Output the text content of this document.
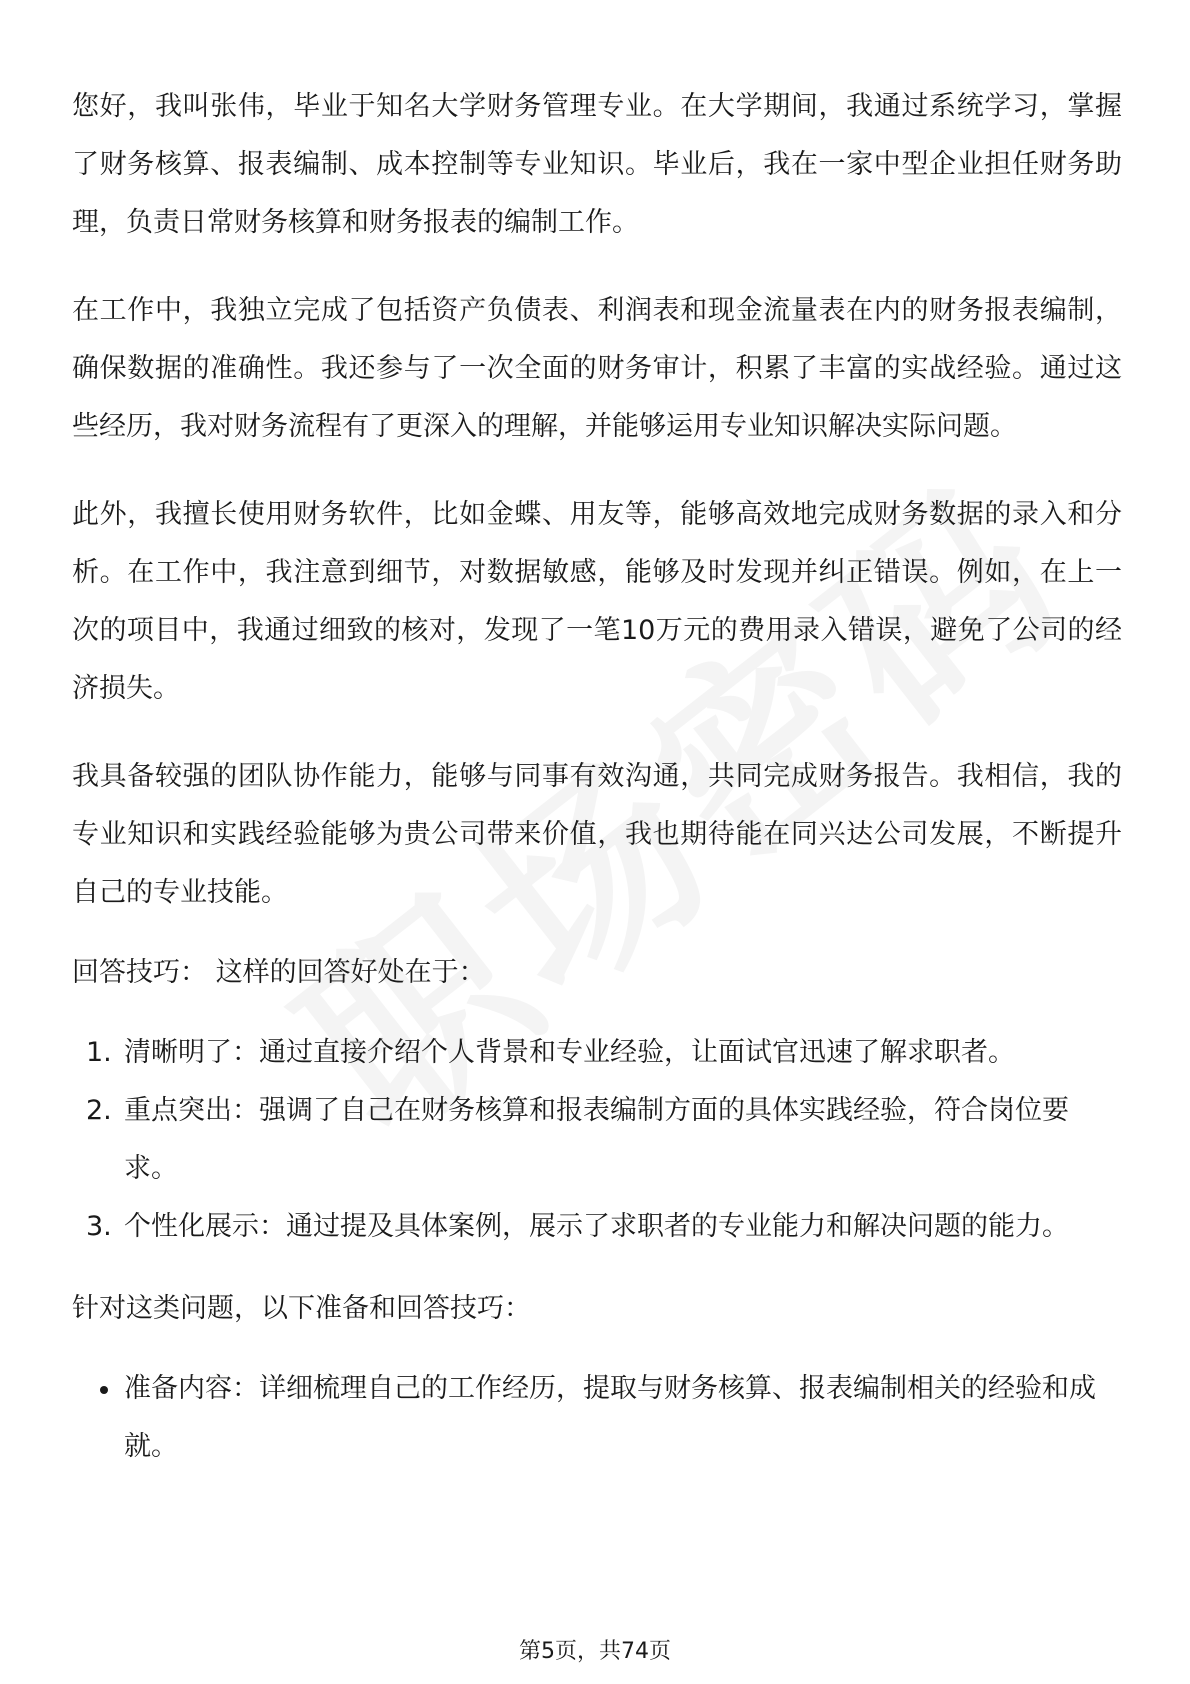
您好，我叫张伟，毕业于知名大学财务管理专业。在大学期间，我通过系统学习，掌握了财务核算、报表编制、成本控制等专业知识。毕业后，我在一家中型企业担任财务助理，负责日常财务核算和财务报表的编制工作。

在工作中，我独立完成了包括资产负债表、利润表和现金流量表在内的财务报表编制，确保数据的准确性。我还参与了一次全面的财务审计，积累了丰富的实战经验。通过这些经历，我对财务流程有了更深入的理解，并能够运用专业知识解决实际问题。

此外，我擅长使用财务软件，比如金蝶、用友等，能够高效地完成财务数据的录入和分析。在工作中，我注意到细节，对数据敏感，能够及时发现并纠正错误。例如，在上一次的项目中，我通过细致的核对，发现了一笔10万元的费用录入错误，避免了公司的经济损失。

我具备较强的团队协作能力，能够与同事有效沟通，共同完成财务报告。我相信，我的专业知识和实践经验能够为贵公司带来价值，我也期待能在同兴达公司发展，不断提升自己的专业技能。

回答技巧： 这样的回答好处在于：

1. 清晰明了：通过直接介绍个人背景和专业经验，让面试官迅速了解求职者。
2. 重点突出：强调了自己在财务核算和报表编制方面的具体实践经验，符合岗位要求。
3. 个性化展示：通过提及具体案例，展示了求职者的专业能力和解决问题的能力。

针对这类问题，以下准备和回答技巧：

准备内容：详细梳理自己的工作经历，提取与财务核算、报表编制相关的经验和成就。
第5页，共74页
